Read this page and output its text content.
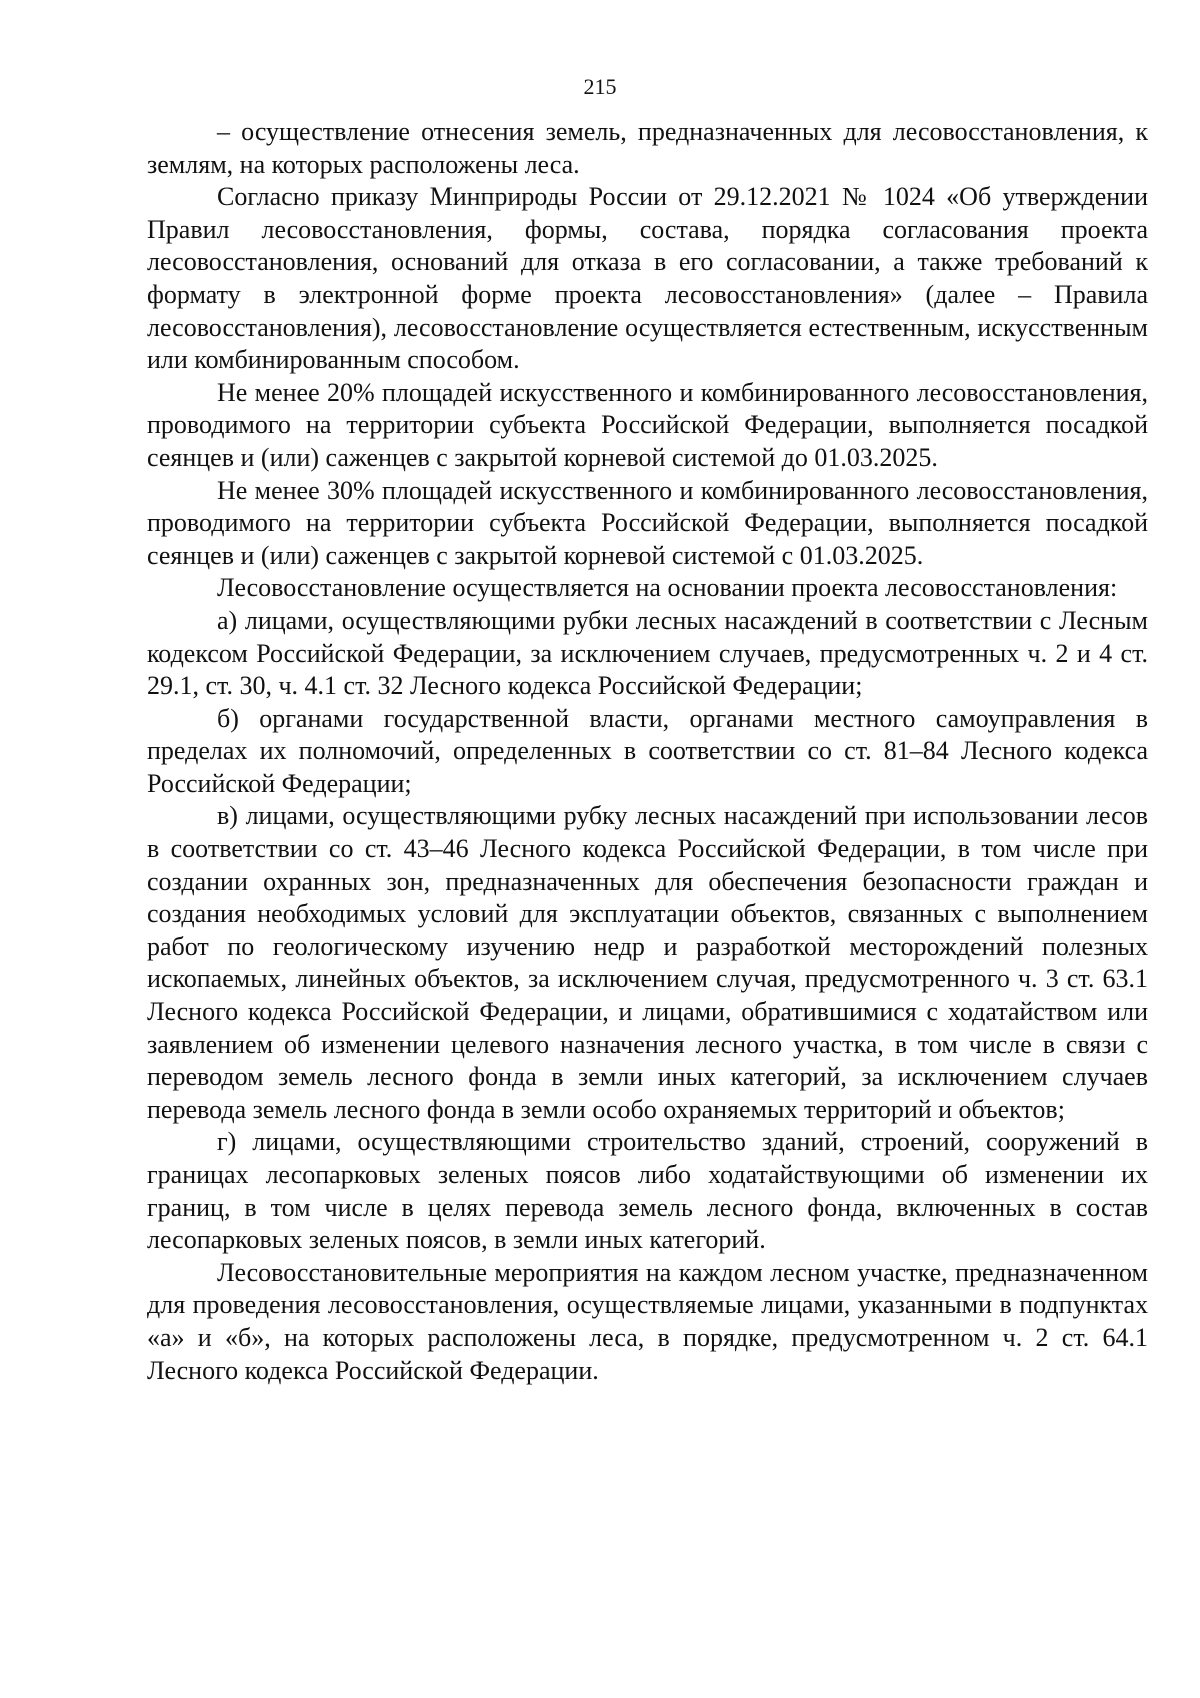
215

– осуществление отнесения земель, предназначенных для лесовосстановления, к землям, на которых расположены леса.

Согласно приказу Минприроды России от 29.12.2021 № 1024 «Об утверждении Правил лесовосстановления, формы, состава, порядка согласования проекта лесовосстановления, оснований для отказа в его согласовании, а также требований к формату в электронной форме проекта лесовосстановления» (далее – Правила лесовосстановления), лесовосстановление осуществляется естественным, искусственным или комбинированным способом.

Не менее 20% площадей искусственного и комбинированного лесовосстановления, проводимого на территории субъекта Российской Федерации, выполняется посадкой сеянцев и (или) саженцев с закрытой корневой системой до 01.03.2025.

Не менее 30% площадей искусственного и комбинированного лесовосстановления, проводимого на территории субъекта Российской Федерации, выполняется посадкой сеянцев и (или) саженцев с закрытой корневой системой с 01.03.2025.

Лесовосстановление осуществляется на основании проекта лесовосстановления:

а) лицами, осуществляющими рубки лесных насаждений в соответствии с Лесным кодексом Российской Федерации, за исключением случаев, предусмотренных ч. 2 и 4 ст. 29.1, ст. 30, ч. 4.1 ст. 32 Лесного кодекса Российской Федерации;

б) органами государственной власти, органами местного самоуправления в пределах их полномочий, определенных в соответствии со ст. 81–84 Лесного кодекса Российской Федерации;

в) лицами, осуществляющими рубку лесных насаждений при использовании лесов в соответствии со ст. 43–46 Лесного кодекса Российской Федерации, в том числе при создании охранных зон, предназначенных для обеспечения безопасности граждан и создания необходимых условий для эксплуатации объектов, связанных с выполнением работ по геологическому изучению недр и разработкой месторождений полезных ископаемых, линейных объектов, за исключением случая, предусмотренного ч. 3 ст. 63.1 Лесного кодекса Российской Федерации, и лицами, обратившимися с ходатайством или заявлением об изменении целевого назначения лесного участка, в том числе в связи с переводом земель лесного фонда в земли иных категорий, за исключением случаев перевода земель лесного фонда в земли особо охраняемых территорий и объектов;

г) лицами, осуществляющими строительство зданий, строений, сооружений в границах лесопарковых зеленых поясов либо ходатайствующими об изменении их границ, в том числе в целях перевода земель лесного фонда, включенных в состав лесопарковых зеленых поясов, в земли иных категорий.

Лесовосстановительные мероприятия на каждом лесном участке, предназначенном для проведения лесовосстановления, осуществляемые лицами, указанными в подпунктах «а» и «б», на которых расположены леса, в порядке, предусмотренном ч. 2 ст. 64.1 Лесного кодекса Российской Федерации.
